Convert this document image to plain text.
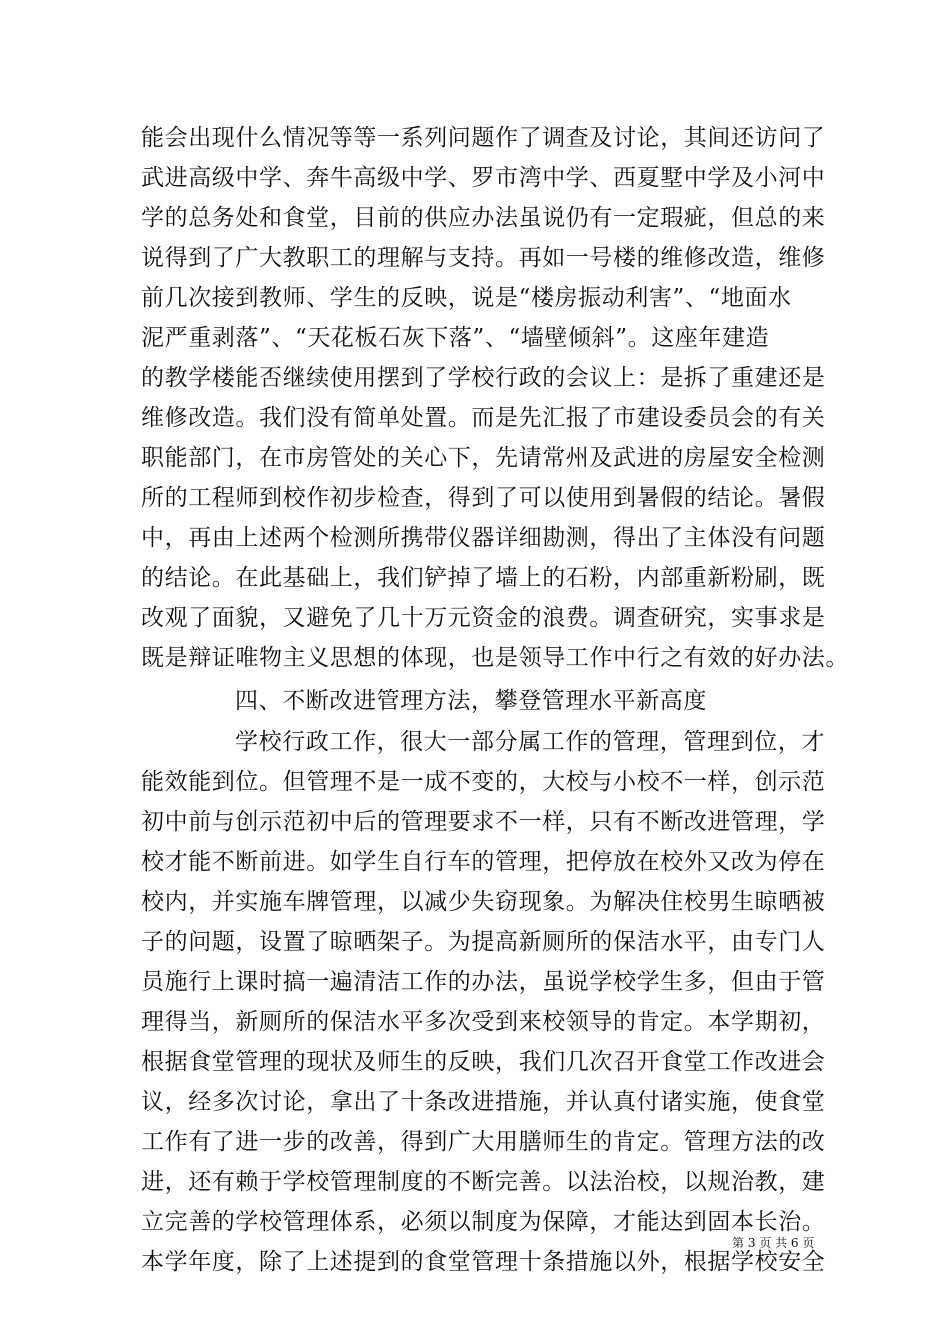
能会出现什么情况等等一系列问题作了调查及讨论，其间还访问了
武进高级中学、奔牛高级中学、罗市湾中学、西夏墅中学及小河中
学的总务处和食堂，目前的供应办法虽说仍有一定瑕疵，但总的来
说得到了广大教职工的理解与支持。再如一号楼的维修改造，维修
前几次接到教师、学生的反映，说是“楼房振动利害”、“地面水
泥严重剥落”、“天花板石灰下落”、“墙壁倾斜”。这座年建造
的教学楼能否继续使用摆到了学校行政的会议上：是拆了重建还是
维修改造。我们没有简单处置。而是先汇报了市建设委员会的有关
职能部门，在市房管处的关心下，先请常州及武进的房屋安全检测
所的工程师到校作初步检查，得到了可以使用到暑假的结论。暑假
中，再由上述两个检测所携带仪器详细勘测，得出了主体没有问题
的结论。在此基础上，我们铲掉了墙上的石粉，内部重新粉刷，既
改观了面貌，又避免了几十万元资金的浪费。调查研究，实事求是
既是辩证唯物主义思想的体现，也是领导工作中行之有效的好办法。
四、不断改进管理方法，攀登管理水平新高度
学校行政工作，很大一部分属工作的管理，管理到位，才
能效能到位。但管理不是一成不变的，大校与小校不一样，创示范
初中前与创示范初中后的管理要求不一样，只有不断改进管理，学
校才能不断前进。如学生自行车的管理，把停放在校外又改为停在
校内，并实施车牌管理，以减少失窃现象。为解决住校男生晾晒被
子的问题，设置了晾晒架子。为提高新厕所的保洁水平，由专门人
员施行上课时搞一遍清洁工作的办法，虽说学校学生多，但由于管
理得当，新厕所的保洁水平多次受到来校领导的肯定。本学期初，
根据食堂管理的现状及师生的反映，我们几次召开食堂工作改进会
议，经多次讨论，拿出了十条改进措施，并认真付诸实施，使食堂
工作有了进一步的改善，得到广大用膳师生的肯定。管理方法的改
进，还有赖于学校管理制度的不断完善。以法治校，以规治教，建
立完善的学校管理体系，必须以制度为保障，才能达到固本长治。
本学年度，除了上述提到的食堂管理十条措施以外，根据学校安全
第 3 页 共 6 页
